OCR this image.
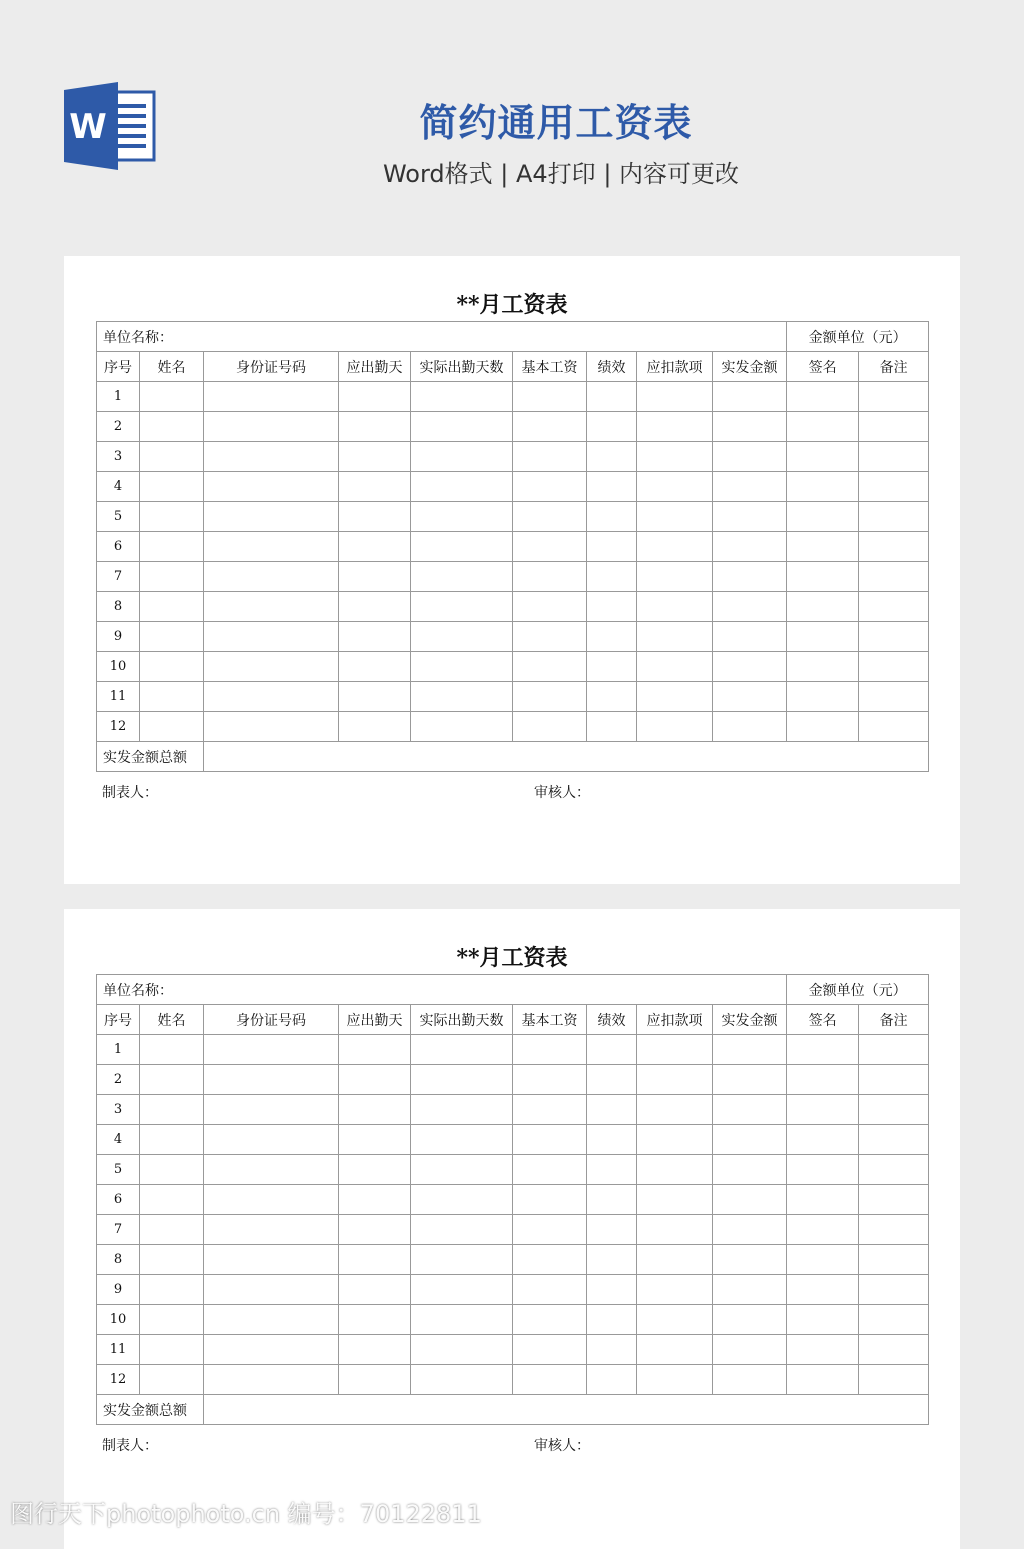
W	简约通用工资表
Word格式 | A4打印 | 内容可更改
**月工资表
单位名称：									金额单位（元）	
序号	姓名	身份证号码	应出勤天	实际出勤天数	基本工资	绩效	应扣款项	实发金额	签名	备注
1										
2										
3										
4										
5										
6										
7										
8										
9										
10										
11										
12										
实发金额总额										
制表人：	审核人：
**月工资表
单位名称：									金额单位（元）	
序号	姓名	身份证号码	应出勤天	实际出勤天数	基本工资	绩效	应扣款项	实发金额	签名	备注
1										
2										
3										
4										
5										
6										
7										
8										
9										
10										
11										
12										
实发金额总额										
制表人：	审核人：
图行天下photophoto.cn 编号：70122811
